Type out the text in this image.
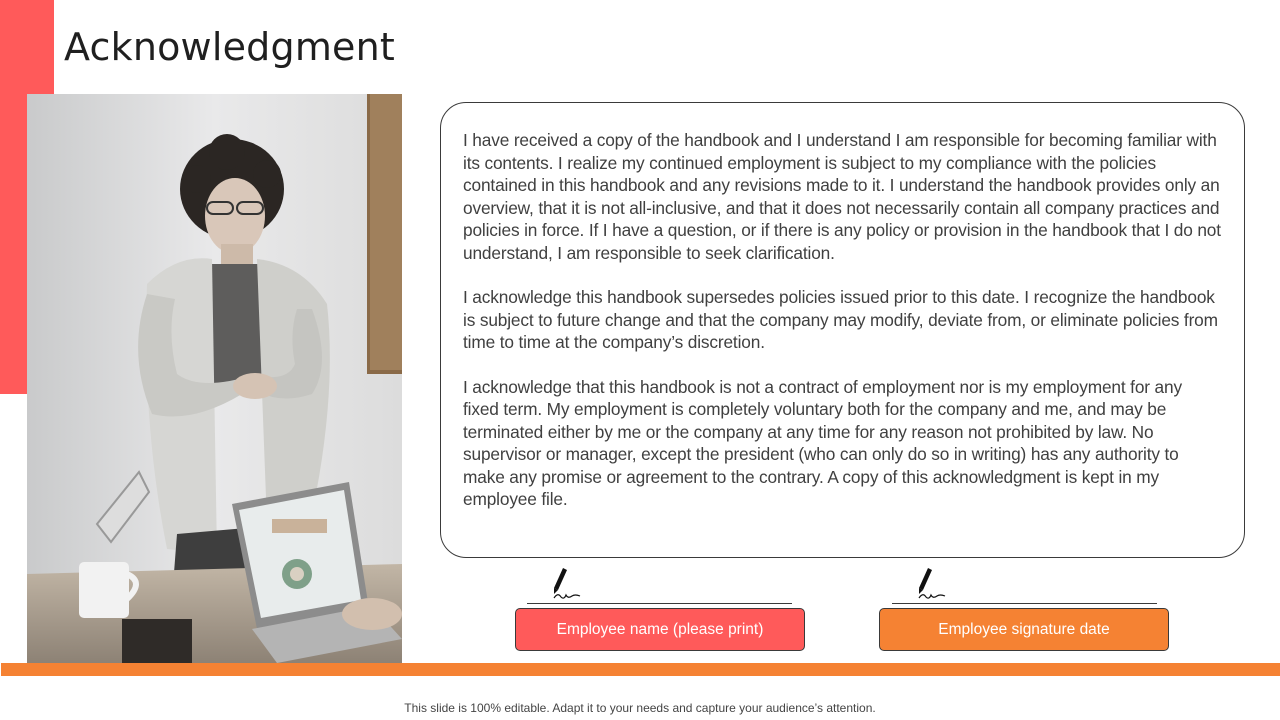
Acknowledgment

I have received a copy of the handbook and I understand I am responsible for becoming familiar with its contents. I realize my continued employment is subject to my compliance with the policies contained in this handbook and any revisions made to it. I understand the handbook provides only an overview, that it is not all-inclusive, and that it does not necessarily contain all company practices and policies in force. If I have a question, or if there is any policy or provision in the handbook that I do not understand, I am responsible to seek clarification.

I acknowledge this handbook supersedes policies issued prior to this date. I recognize the handbook is subject to future change and that the company may modify, deviate from, or eliminate policies from time to time at the company’s discretion.

I acknowledge that this handbook is not a contract of employment nor is my employment for any fixed term. My employment is completely voluntary both for the company and me, and may be terminated either by me or the company at any time for any reason not prohibited by law. No supervisor or manager, except the president (who can only do so in writing) has any authority to make any promise or agreement to the contrary. A copy of this acknowledgment is kept in my employee file.

Employee name (please print)	Employee signature date
This slide is 100% editable. Adapt it to your needs and capture your audience’s attention.
